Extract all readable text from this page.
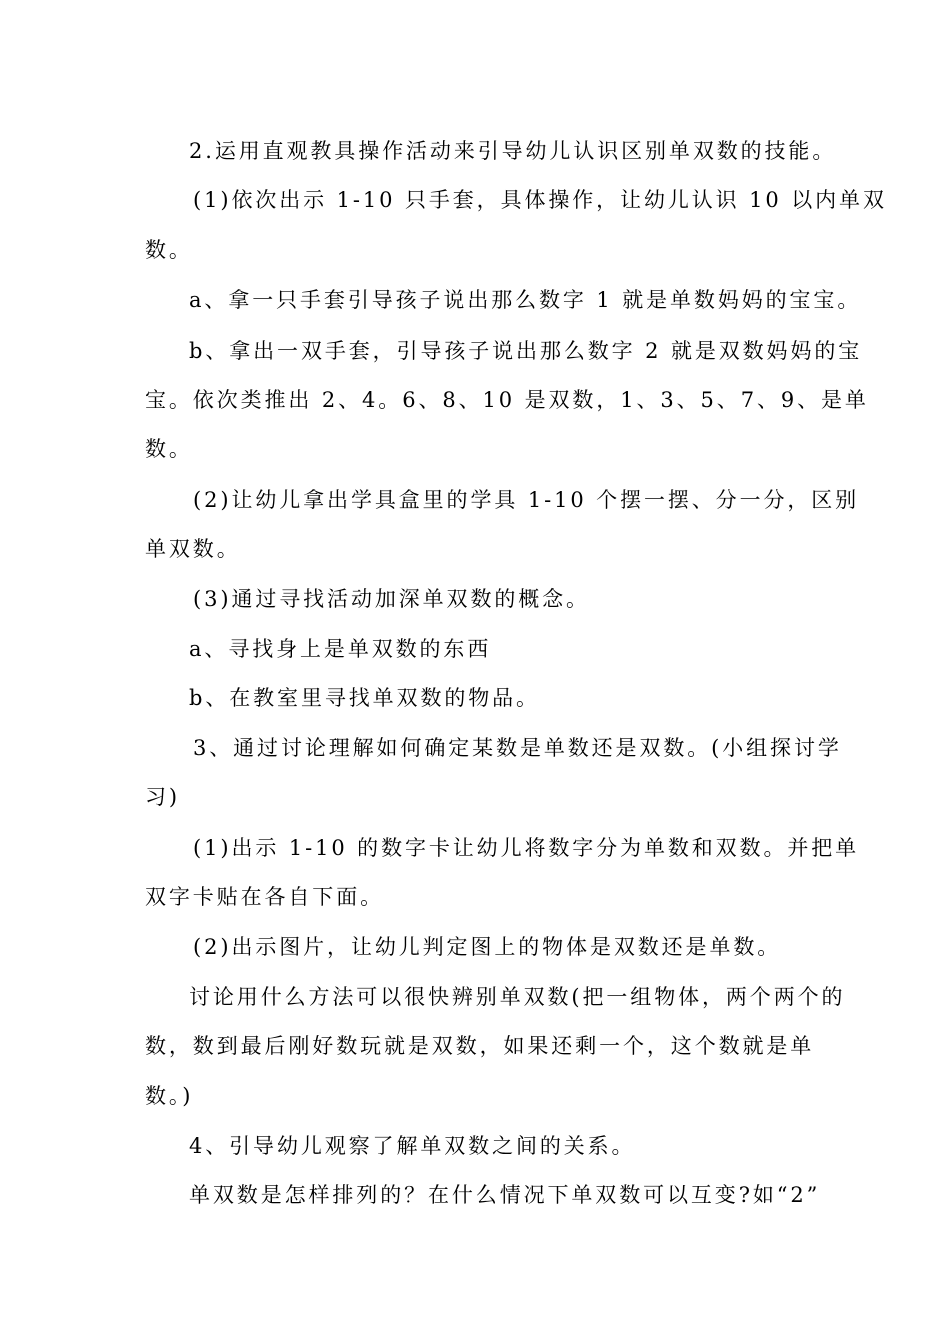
2.运用直观教具操作活动来引导幼儿认识区别单双数的技能。
(1)依次出示 1-10 只手套，具体操作，让幼儿认识 10 以内单双
数。
a、拿一只手套引导孩子说出那么数字 1 就是单数妈妈的宝宝。
b、拿出一双手套，引导孩子说出那么数字 2 就是双数妈妈的宝
宝。依次类推出 2、4。6、8、10 是双数，1、3、5、7、9、是单
数。
(2)让幼儿拿出学具盒里的学具 1-10 个摆一摆、分一分，区别
单双数。
(3)通过寻找活动加深单双数的概念。
a、寻找身上是单双数的东西
b、在教室里寻找单双数的物品。
3、通过讨论理解如何确定某数是单数还是双数。(小组探讨学
习)
(1)出示 1-10 的数字卡让幼儿将数字分为单数和双数。并把单
双字卡贴在各自下面。
(2)出示图片，让幼儿判定图上的物体是双数还是单数。
讨论用什么方法可以很快辨别单双数(把一组物体，两个两个的
数，数到最后刚好数玩就是双数，如果还剩一个，这个数就是单
数。)
4、引导幼儿观察了解单双数之间的关系。
单双数是怎样排列的？在什么情况下单双数可以互变?如“2”
